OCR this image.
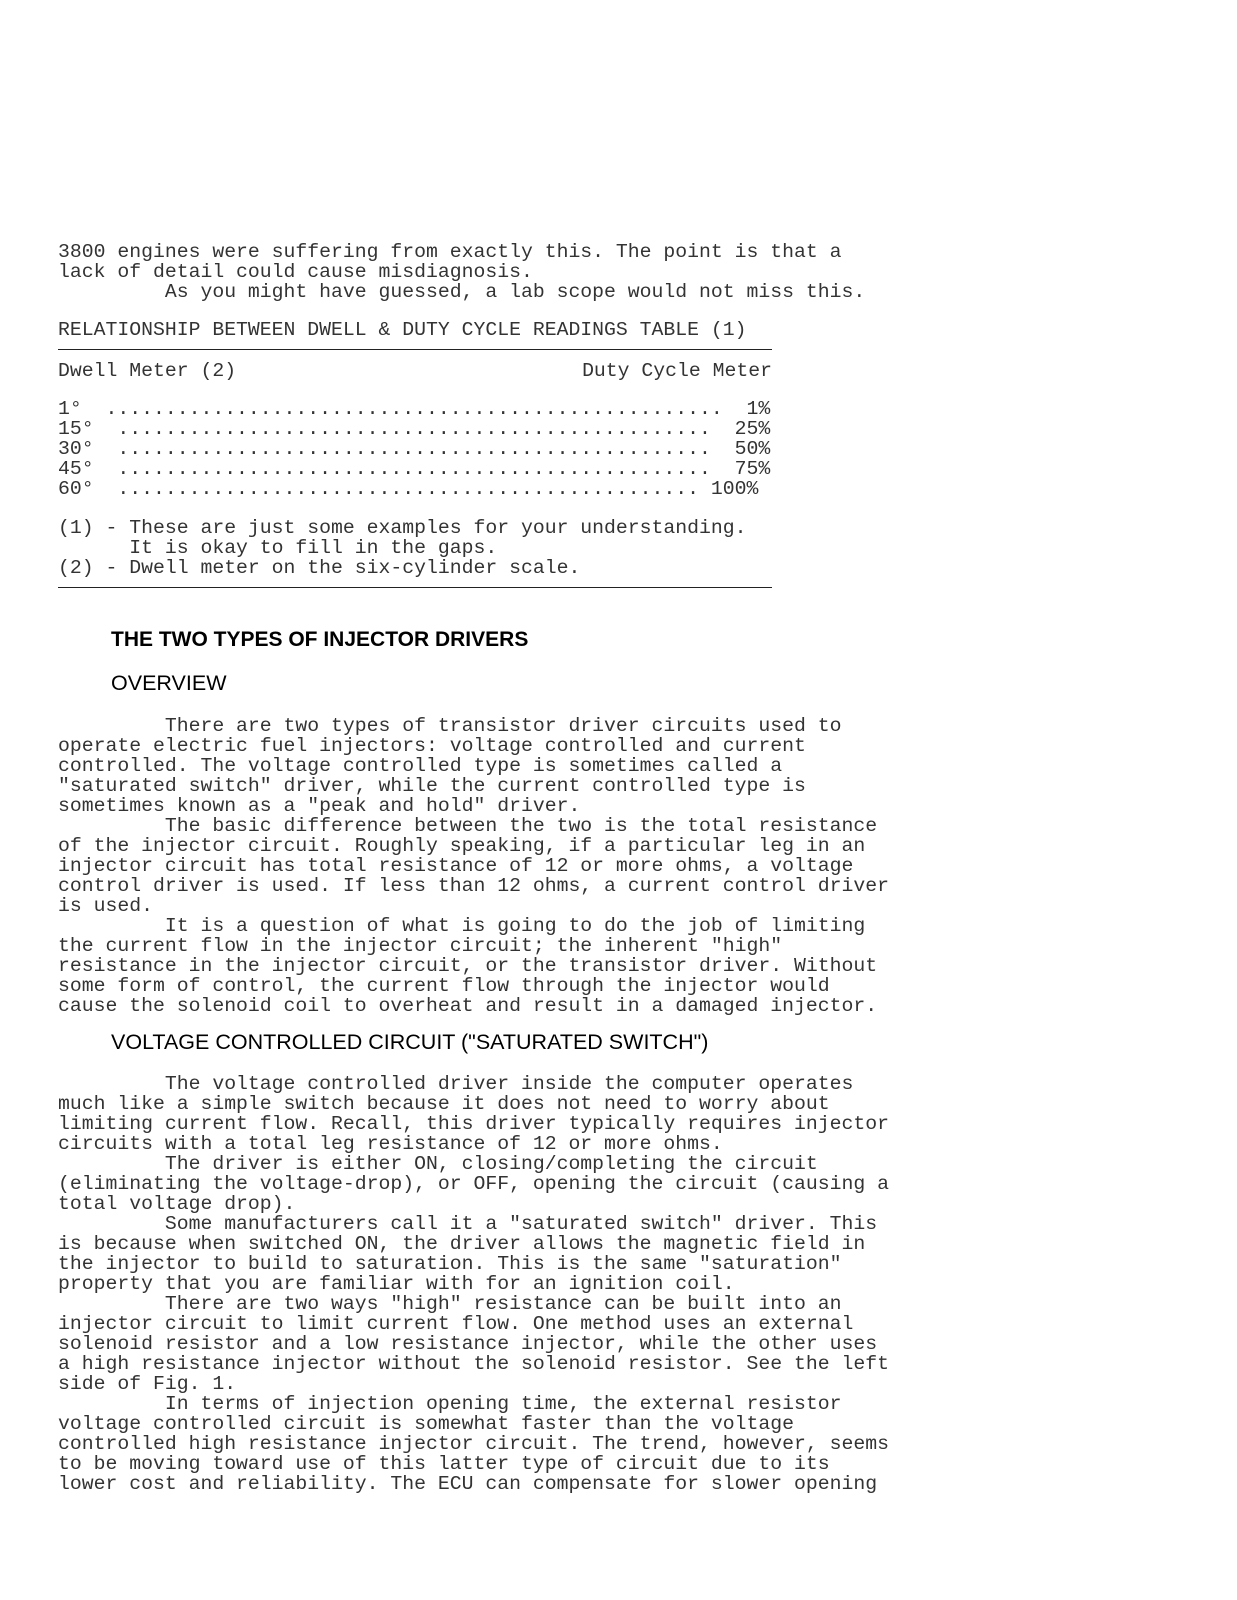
3800 engines were suffering from exactly this. The point is that a
lack of detail could cause misdiagnosis.
As you might have guessed, a lab scope would not miss this.
RELATIONSHIP BETWEEN DWELL & DUTY CYCLE READINGS TABLE (1)
Dwell Meter (2)	Duty Cycle Meter
1°  ....................................................  1%
15°  ..................................................  25%
30°  ..................................................  50%
45°  ..................................................  75%
60°  ................................................. 100%
(1) - These are just some examples for your understanding.
It is okay to fill in the gaps.
(2) - Dwell meter on the six-cylinder scale.
THE TWO TYPES OF INJECTOR DRIVERS
OVERVIEW
There are two types of transistor driver circuits used to
operate electric fuel injectors: voltage controlled and current
controlled. The voltage controlled type is sometimes called a
"saturated switch" driver, while the current controlled type is
sometimes known as a "peak and hold" driver.
The basic difference between the two is the total resistance
of the injector circuit. Roughly speaking, if a particular leg in an
injector circuit has total resistance of 12 or more ohms, a voltage
control driver is used. If less than 12 ohms, a current control driver
is used.
It is a question of what is going to do the job of limiting
the current flow in the injector circuit; the inherent "high"
resistance in the injector circuit, or the transistor driver. Without
some form of control, the current flow through the injector would
cause the solenoid coil to overheat and result in a damaged injector.
VOLTAGE CONTROLLED CIRCUIT ("SATURATED SWITCH")
The voltage controlled driver inside the computer operates
much like a simple switch because it does not need to worry about
limiting current flow. Recall, this driver typically requires injector
circuits with a total leg resistance of 12 or more ohms.
The driver is either ON, closing/completing the circuit
(eliminating the voltage-drop), or OFF, opening the circuit (causing a
total voltage drop).
Some manufacturers call it a "saturated switch" driver. This
is because when switched ON, the driver allows the magnetic field in
the injector to build to saturation. This is the same "saturation"
property that you are familiar with for an ignition coil.
There are two ways "high" resistance can be built into an
injector circuit to limit current flow. One method uses an external
solenoid resistor and a low resistance injector, while the other uses
a high resistance injector without the solenoid resistor. See the left
side of Fig. 1.
In terms of injection opening time, the external resistor
voltage controlled circuit is somewhat faster than the voltage
controlled high resistance injector circuit. The trend, however, seems
to be moving toward use of this latter type of circuit due to its
lower cost and reliability. The ECU can compensate for slower opening
